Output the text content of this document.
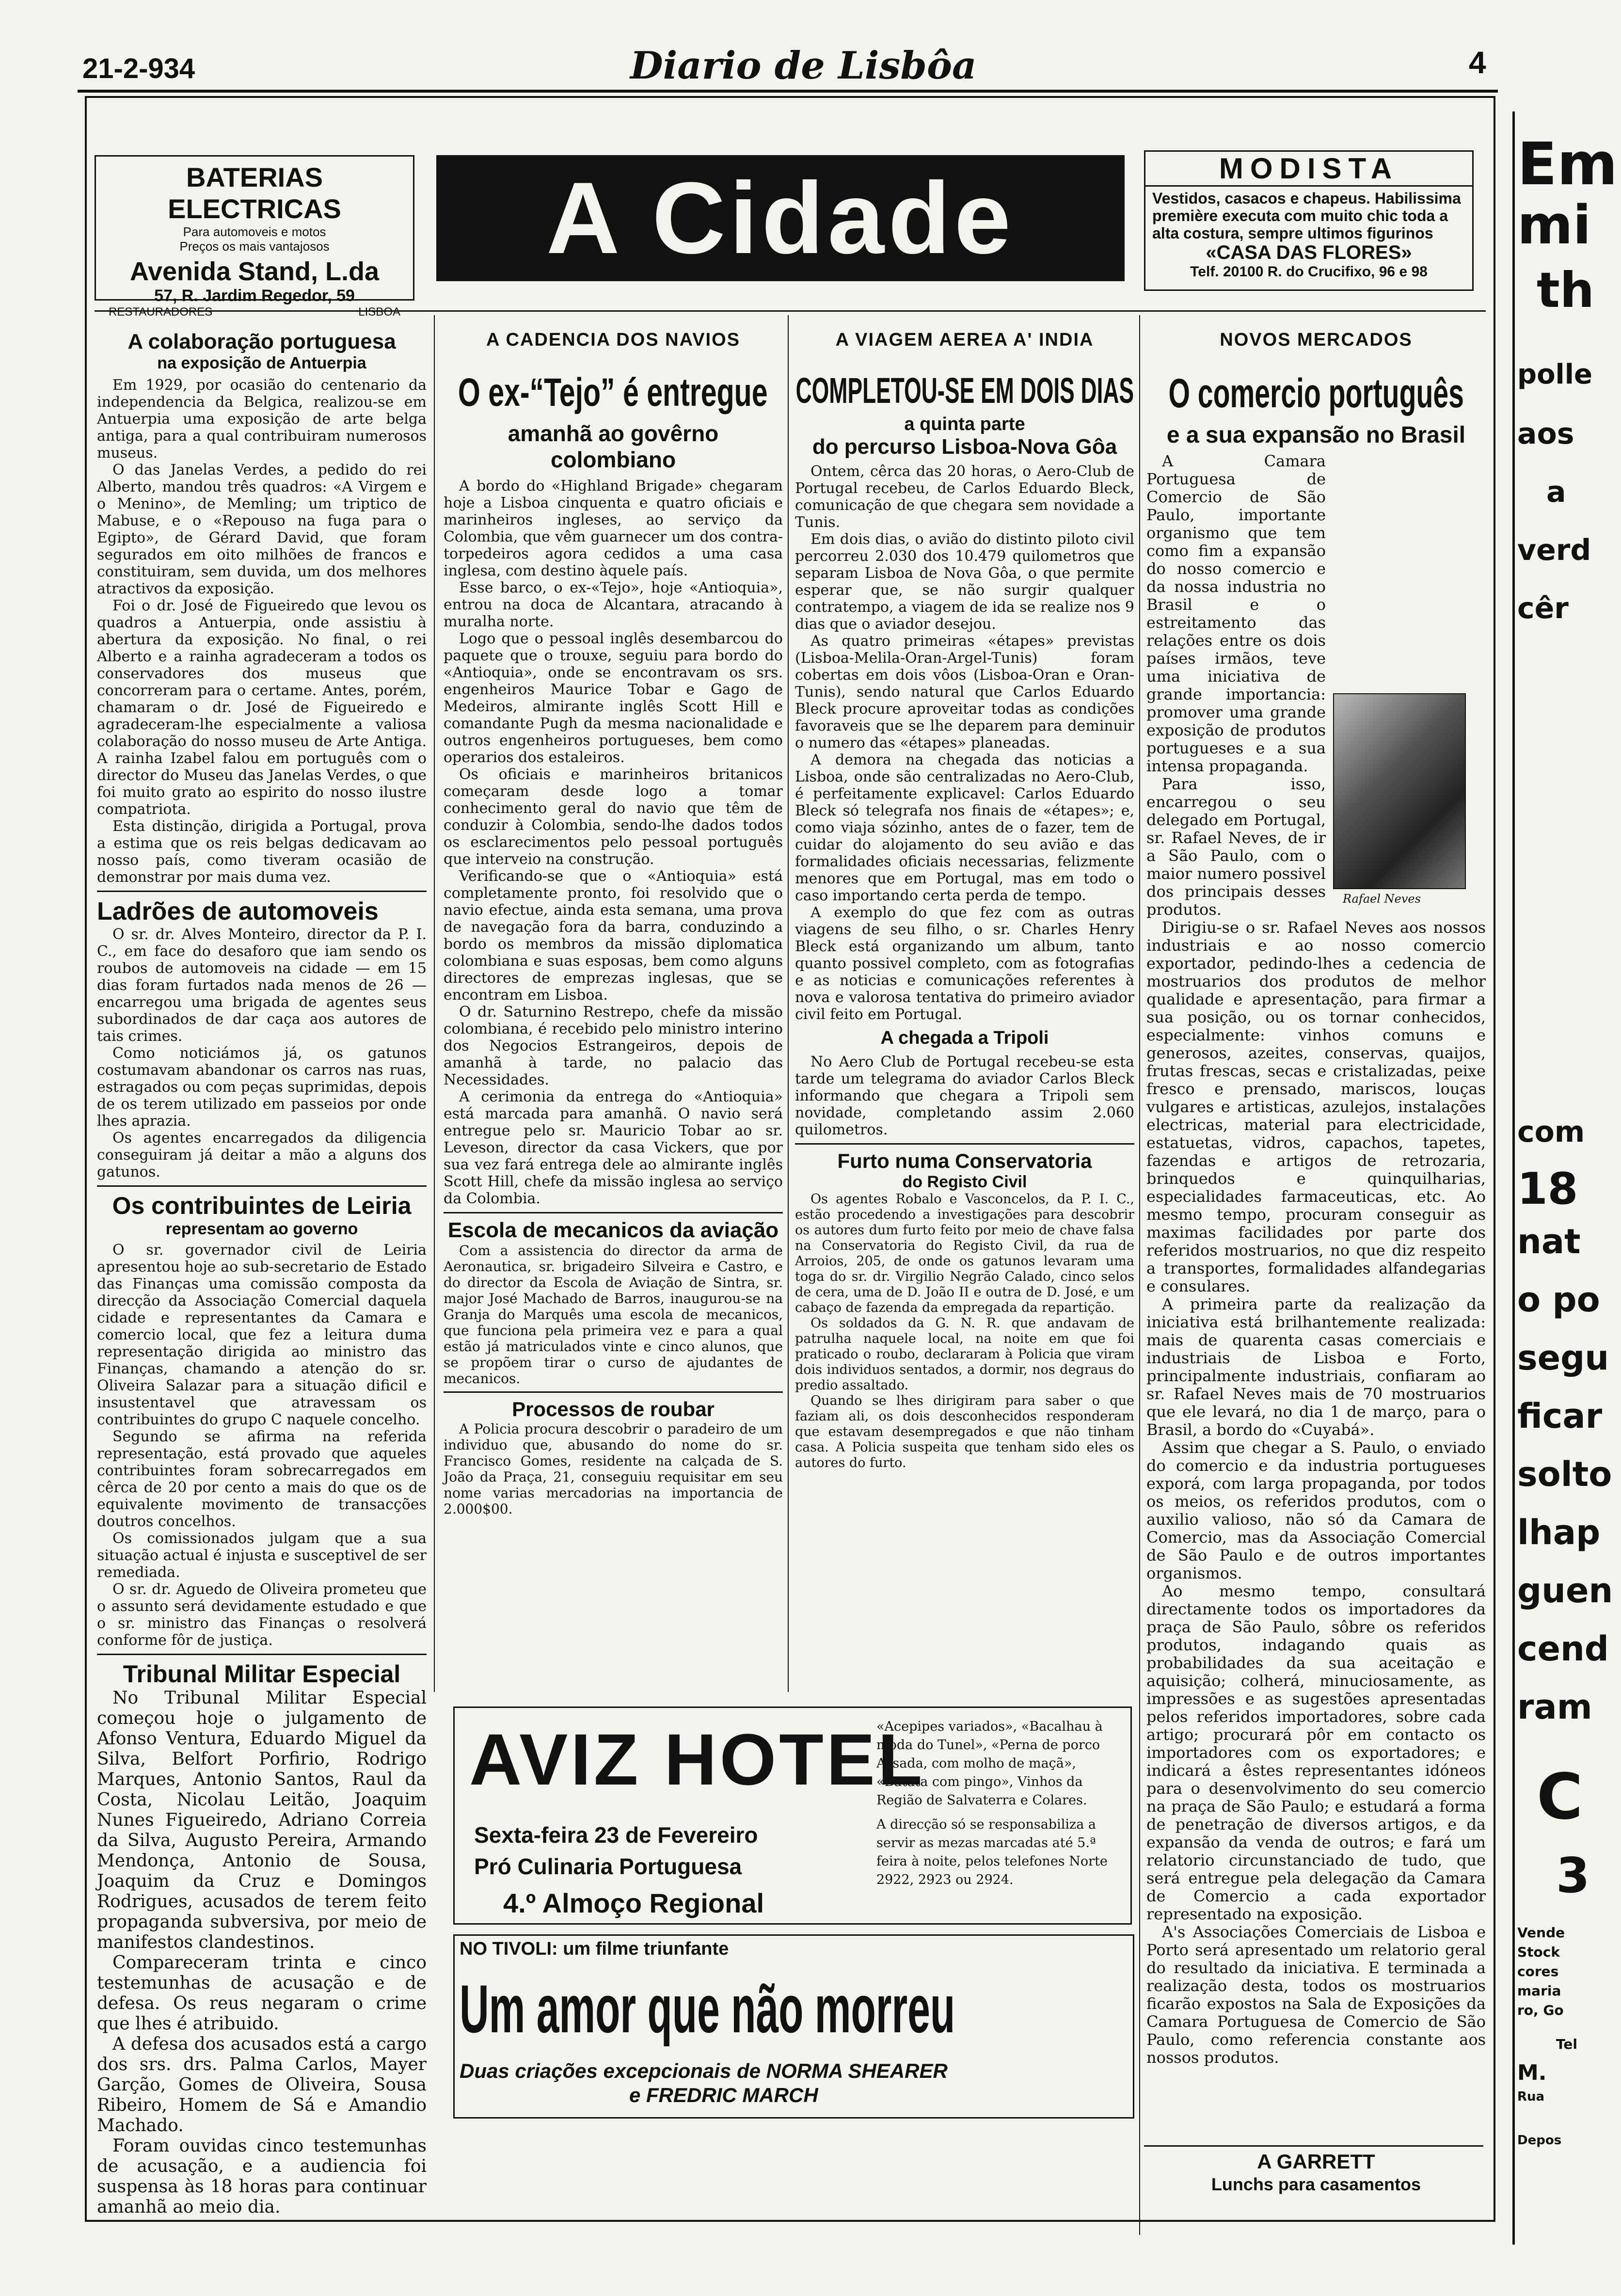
21-2-934	Diario de Lisbôa	4
BATERIAS ELECTRICAS
Para automoveis e motos
Preços os mais vantajosos
Avenida Stand, L.da
57, R. Jardim Regedor, 59
RESTAURADORES	LISBOA
A Cidade	MODISTA
Vestidos, casacos e chapeus. Habilissima première executa com muito chic toda a alta costura, sempre ultimos figurinos
«CASA DAS FLORES»
Telf. 20100 R. do Crucifixo, 96 e 98
A colaboração portuguesa
na exposição de Antuerpia

Em 1929, por ocasião do centenario da independencia da Belgica, realizou-se em Antuerpia uma exposição de arte belga antiga, para a qual contribuiram numerosos museus.

O das Janelas Verdes, a pedido do rei Alberto, mandou três quadros: «A Virgem e o Menino», de Memling; um triptico de Mabuse, e o «Repouso na fuga para o Egipto», de Gérard David, que foram segurados em oito milhões de francos e constituiram, sem duvida, um dos melhores atractivos da exposição.

Foi o dr. José de Figueiredo que levou os quadros a Antuerpia, onde assistiu à abertura da exposição. No final, o rei Alberto e a rainha agradeceram a todos os conservadores dos museus que concorreram para o certame. Antes, porém, chamaram o dr. José de Figueiredo e agradeceram-lhe especialmente a valiosa colaboração do nosso museu de Arte Antiga. A rainha Izabel falou em português com o director do Museu das Janelas Verdes, o que foi muito grato ao espirito do nosso ilustre compatriota.

Esta distinção, dirigida a Portugal, prova a estima que os reis belgas dedicavam ao nosso país, como tiveram ocasião de demonstrar por mais duma vez.

Ladrões de automoveis

O sr. dr. Alves Monteiro, director da P. I. C., em face do desaforo que iam sendo os roubos de automoveis na cidade — em 15 dias foram furtados nada menos de 26 — encarregou uma brigada de agentes seus subordinados de dar caça aos autores de tais crimes.

Como noticiámos já, os gatunos costumavam abandonar os carros nas ruas, estragados ou com peças suprimidas, depois de os terem utilizado em passeios por onde lhes apraziа.

Os agentes encarregados da diligencia conseguiram já deitar a mão a alguns dos gatunos.

Os contribuintes de Leiria
representam ao governo

O sr. governador civil de Leiria apresentou hoje ao sub-secretario de Estado das Finanças uma comissão composta da direcção da Associação Comercial daquela cidade e representantes da Camara e comercio local, que fez a leitura duma representação dirigida ao ministro das Finanças, chamando a atenção do sr. Oliveira Salazar para a situação dificil e insustentavel que atravessam os contribuintes do grupo C naquele concelho.

Segundo se afirma na referida representação, está provado que aqueles contribuintes foram sobrecarregados em cêrca de 20 por cento a mais do que os de equivalente movimento de transacções doutros concelhos.

Os comissionados julgam que a sua situação actual é injusta e susceptivel de ser remediada.

O sr. dr. Aguedo de Oliveira prometeu que o assunto será devidamente estudado e que o sr. ministro das Finanças o resolverá conforme fôr de justiça.

Tribunal Militar Especial

No Tribunal Militar Especial começou hoje o julgamento de Afonso Ventura, Eduardo Miguel da Silva, Belfort Porfirio, Rodrigo Marques, Antonio Santos, Raul da Costa, Nicolau Leitão, Joaquim Nunes Figueiredo, Adriano Correia da Silva, Augusto Pereira, Armando Mendonça, Antonio de Sousa, Joaquim da Cruz e Domingos Rodrigues, acusados de terem feito propaganda subversiva, por meio de manifestos clandestinos.

Compareceram trinta e cinco testemunhas de acusação e de defesa. Os reus negaram o crime que lhes é atribuido.

A defesa dos acusados está a cargo dos srs. drs. Palma Carlos, Mayer Garção, Gomes de Oliveira, Sousa Ribeiro, Homem de Sá e Amandio Machado.

Foram ouvidas cinco testemunhas de acusação, e a audiencia foi suspensa às 18 horas para continuar amanhã ao meio dia.

A CADENCIA DOS NAVIOS
O ex-“Tejo” é entregue
amanhã ao govêrno colombiano

A bordo do «Highland Brigade» chegaram hoje a Lisboa cinquenta e quatro oficiais e marinheiros ingleses, ao serviço da Colombia, que vêm guarnecer um dos contra-torpedeiros agora cedidos a uma casa inglesa, com destino àquele país.

Esse barco, o ex-«Tejo», hoje «Antioquia», entrou na doca de Alcantara, atracando à muralha norte.

Logo que o pessoal inglês desembarcou do paquete que o trouxe, seguiu para bordo do «Antioquia», onde se encontravam os srs. engenheiros Maurice Tobar e Gago de Medeiros, almirante inglês Scott Hill e comandante Pugh da mesma nacionalidade e outros engenheiros portugueses, bem como operarios dos estaleiros.

Os oficiais e marinheiros britanicos começaram desde logo a tomar conhecimento geral do navio que têm de conduzir à Colombia, sendo-lhe dados todos os esclarecimentos pelo pessoal português que interveio na construção.

Verificando-se que o «Antioquia» está completamente pronto, foi resolvido que o navio efectue, ainda esta semana, uma prova de navegação fora da barra, conduzindo a bordo os membros da missão diplomatica colombiana e suas esposas, bem como alguns directores de emprezas inglesas, que se encontram em Lisboa.

O dr. Saturnino Restrepo, chefe da missão colombiana, é recebido pelo ministro interino dos Negocios Estrangeiros, depois de amanhã à tarde, no palacio das Necessidades.

A cerimonia da entrega do «Antioquia» está marcada para amanhã. O navio será entregue pelo sr. Mauricio Tobar ao sr. Leveson, director da casa Vickers, que por sua vez fará entrega dele ao almirante inglês Scott Hill, chefe da missão inglesa ao serviço da Colombia.

Escola de mecanicos da aviação

Com a assistencia do director da arma de Aeronautica, sr. brigadeiro Silveira e Castro, e do director da Escola de Aviação de Sintra, sr. major José Machado de Barros, inaugurou-se na Granja do Marquês uma escola de mecanicos, que funciona pela primeira vez e para a qual estão já matriculados vinte e cinco alunos, que se propõem tirar o curso de ajudantes de mecanicos.

Processos de roubar

A Policia procura descobrir o paradeiro de um individuo que, abusando do nome do sr. Francisco Gomes, residente na calçada de S. João da Praça, 21, conseguiu requisitar em seu nome varias mercadorias na importancia de 2.000$00.

A VIAGEM AEREA A' INDIA
COMPLETOU-SE EM DOIS DIAS
a quinta parte
do percurso Lisboa-Nova Gôa

Ontem, cêrca das 20 horas, o Aero-Club de Portugal recebeu, de Carlos Eduardo Bleck, comunicação de que chegara sem novidade a Tunis.

Em dois dias, o avião do distinto piloto civil percorreu 2.030 dos 10.479 quilometros que separam Lisboa de Nova Gôa, o que permite esperar que, se não surgir qualquer contratempo, a viagem de ida se realize nos 9 dias que o aviador desejou.

As quatro primeiras «étapes» previstas (Lisboa-Melila-Oran-Argel-Tunis) foram cobertas em dois vôos (Lisboa-Oran e Oran-Tunis), sendo natural que Carlos Eduardo Bleck procure aproveitar todas as condições favoraveis que se lhe deparem para deminuir o numero das «étapes» planeadas.

A demora na chegada das noticias a Lisboa, onde são centralizadas no Aero-Club, é perfeitamente explicavel: Carlos Eduardo Bleck só telegrafa nos finais de «étapes»; e, como viaja sózinho, antes de o fazer, tem de cuidar do alojamento do seu avião e das formalidades oficiais necessarias, felizmente menores que em Portugal, mas em todo o caso importando certa perda de tempo.

A exemplo do que fez com as outras viagens de seu filho, o sr. Charles Henry Bleck está organizando um album, tanto quanto possivel completo, com as fotografias e as noticias e comunicações referentes à nova e valorosa tentativa do primeiro aviador civil feito em Portugal.

A chegada a Tripoli

No Aero Club de Portugal recebeu-se esta tarde um telegrama do aviador Carlos Bleck informando que chegara a Tripoli sem novidade, completando assim 2.060 quilometros.

Furto numa Conservatoria
do Registo Civil

Os agentes Robalo e Vasconcelos, da P. I. C., estão procedendo a investigações para descobrir os autores dum furto feito por meio de chave falsa na Conservatoria do Registo Civil, da rua de Arroios, 205, de onde os gatunos levaram uma toga do sr. dr. Virgilio Negrão Calado, cinco selos de cera, uma de D. João II e outra de D. José, e um cabaço de fazenda da empregada da repartição.

Os soldados da G. N. R. que andavam de patrulha naquele local, na noite em que foi praticado o roubo, declararam à Policia que viram dois individuos sentados, a dormir, nos degraus do predio assaltado.

Quando se lhes dirigiram para saber o que faziam ali, os dois desconhecidos responderam que estavam desempregados e que não tinham casa. A Policia suspeita que tenham sido eles os autores do furto.

NOVOS MERCADOS
O comercio português
e a sua expansão no Brasil

A Camara Portuguesa de Comercio de São Paulo, importante organismo que tem como fim a expansão do nosso comercio e da nossa industria no Brasil e o estreitamento das relações entre os dois países irmãos, teve uma iniciativa de grande importancia: promover uma grande exposição de produtos portugueses e a sua intensa propaganda.

Para isso, encarregou o seu delegado em Portugal, sr. Rafael Neves, de ir a São Paulo, com o maior numero possivel dos principais desses produtos.

Dirigiu-se o sr. Rafael Neves aos nossos industriais e ao nosso comercio exportador, pedindo-lhes a cedencia de mostruarios dos produtos de melhor qualidade e apresentação, para firmar a sua posição, ou os tornar conhecidos, especialmente: vinhos comuns e generosos, azeites, conservas, quaijos, frutas frescas, secas e cristalizadas, peixe fresco e prensado, mariscos, louças vulgares e artisticas, azulejos, instalações electricas, material para electricidade, estatuetas, vidros, capachos, tapetes, fazendas e artigos de retrozaria, brinquedos e quinquilharias, especialidades farmaceuticas, etc. Ao mesmo tempo, procuram conseguir as maximas facilidades por parte dos referidos mostruarios, no que diz respeito a transportes, formalidades alfandegarias e consulares.

A primeira parte da realização da iniciativa está brilhantemente realizada: mais de quarenta casas comerciais e industriais de Lisboa e Forto, principalmente industriais, confiaram ao sr. Rafael Neves mais de 70 mostruarios que ele levará, no dia 1 de março, para o Brasil, a bordo do «Cuyabá».

Assim que chegar a S. Paulo, o enviado do comercio e da industria portugueses exporá, com larga propaganda, por todos os meios, os referidos produtos, com o auxilio valioso, não só da Camara de Comercio, mas da Associação Comercial de São Paulo e de outros importantes organismos.

Ao mesmo tempo, consultará directamente todos os importadores da praça de São Paulo, sôbre os referidos produtos, indagando quais as probabilidades da sua aceitação e aquisição; colherá, minuciosamente, as impressões e as sugestões apresentadas pelos referidos importadores, sobre cada artigo; procurará pôr em contacto os importadores com os exportadores; e indicará a êstes representantes idóneos para o desenvolvimento do seu comercio na praça de São Paulo; e estudará a forma de penetração de diversos artigos, e da expansão da venda de outros; e fará um relatorio circunstanciado de tudo, que será entregue pela delegação da Camara de Comercio a cada exportador representado na exposição.

A's Associações Comerciais de Lisboa e Porto será apresentado um relatorio geral do resultado da iniciativa. E terminada a realização desta, todos os mostruarios ficarão expostos na Sala de Exposições da Camara Portuguesa de Comercio de São Paulo, como referencia constante aos nossos produtos.

Rafael Neves
A GARRETT
Lunchs para casamentos
AVIZ HOTEL
Sexta-feira 23 de Fevereiro
Pró Culinaria Portuguesa
4.º Almoço Regional
«Acepipes variados», «Bacalhau à moda do Tunel», «Perna de porco Assada, com molho de maçã», «Batata com pingo», Vinhos da Região de Salvaterra e Colares.
A direcção só se responsabiliza a servir as mezas marcadas até 5.ª feira à noite, pelos telefones Norte 2922, 2923 ou 2924.
NO TIVOLI: um filme triunfante
Um amor que não morreu
Duas criações excepcionais de NORMA SHEARER
e FREDRIC MARCH
Em
mi
th
polle
aos
a
verd
cêr
com
18
nat
o po
segu
ficar
solto
lhap
guen
cend
ram
C
3
Vende
Stock
cores
maria
ro, Go
Tel
M.
Rua
Depos
